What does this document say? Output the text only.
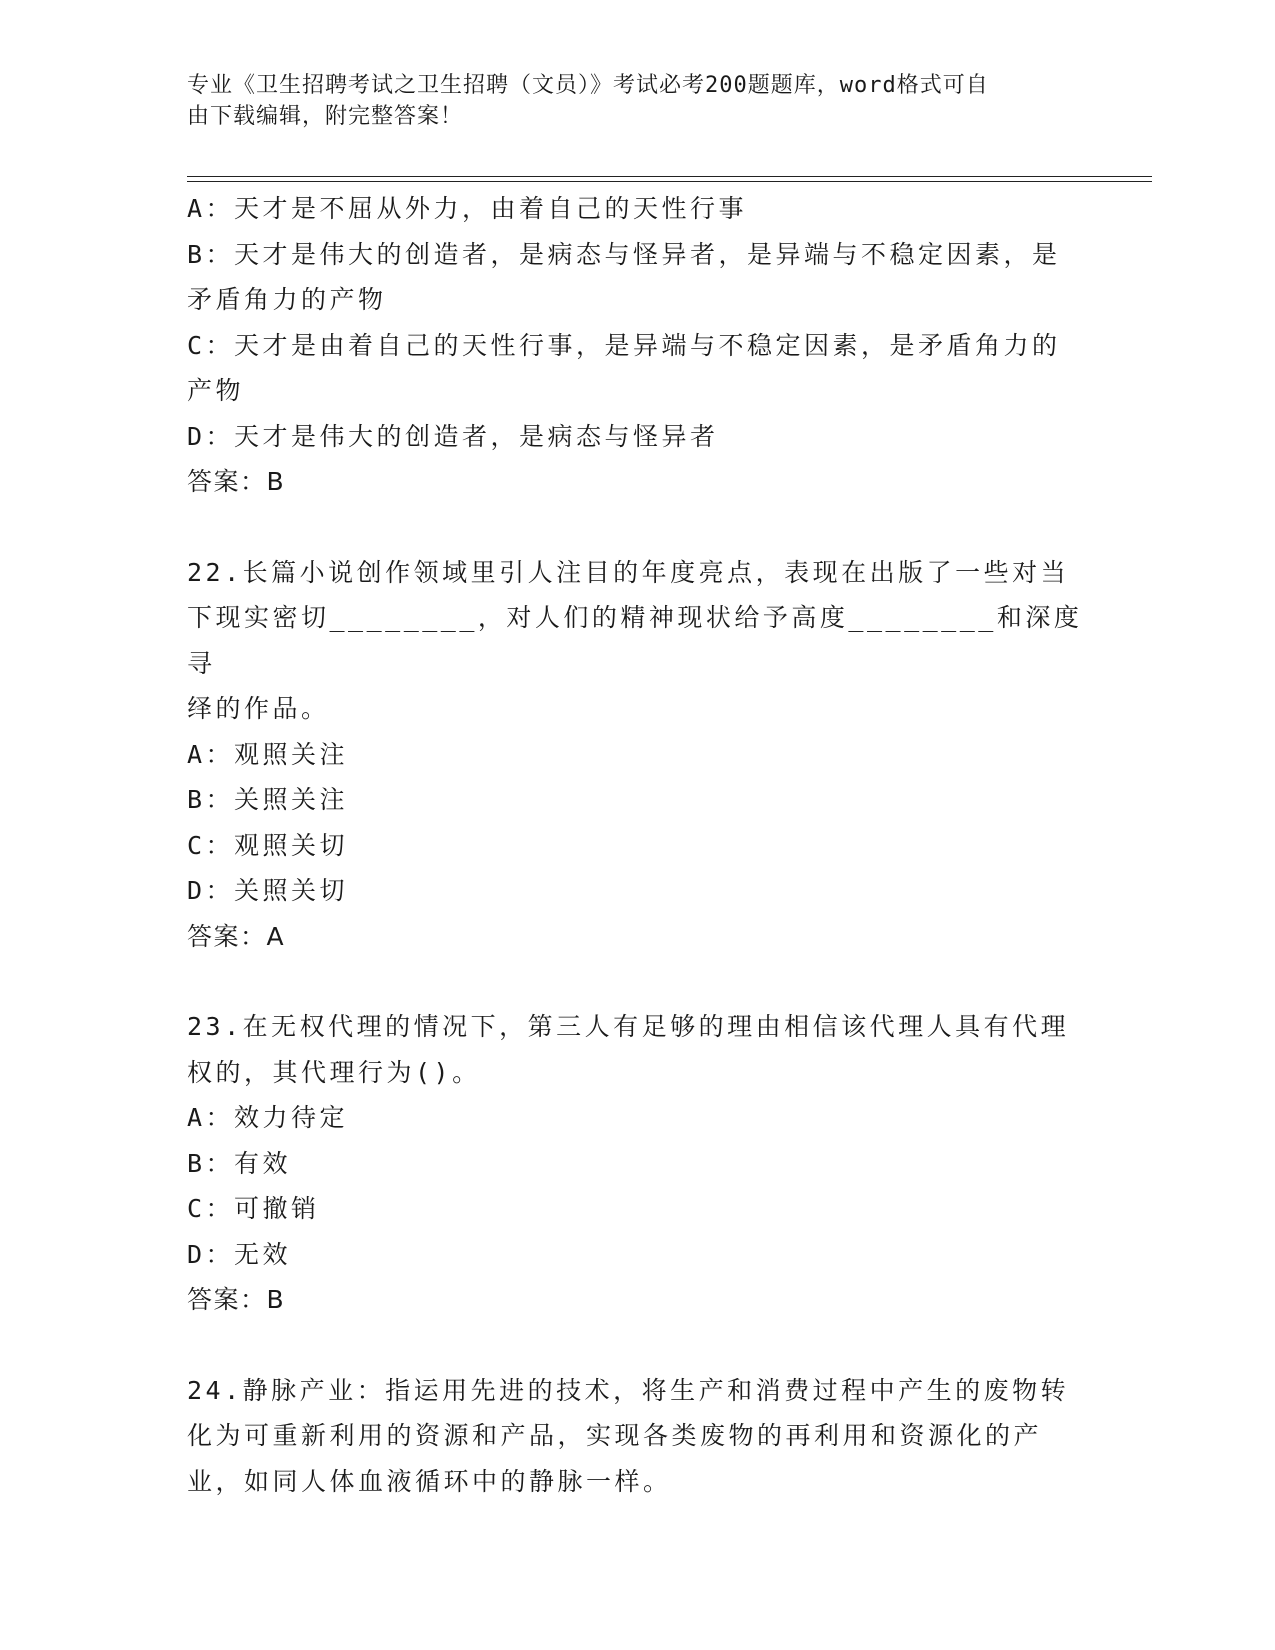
专业《卫生招聘考试之卫生招聘（文员）》考试必考200题题库，word格式可自
由下载编辑，附完整答案！

A：天才是不屈从外力，由着自己的天性行事

B：天才是伟大的创造者，是病态与怪异者，是异端与不稳定因素，是

矛盾角力的产物

C：天才是由着自己的天性行事，是异端与不稳定因素，是矛盾角力的

产物

D：天才是伟大的创造者，是病态与怪异者

答案：B

22.长篇小说创作领域里引人注目的年度亮点，表现在出版了一些对当

下现实密切________，对人们的精神现状给予高度________和深度寻

绎的作品。

A：观照关注

B：关照关注

C：观照关切

D：关照关切

答案：A

23.在无权代理的情况下，第三人有足够的理由相信该代理人具有代理

权的，其代理行为()。

A：效力待定

B：有效

C：可撤销

D：无效

答案：B

24.静脉产业：指运用先进的技术，将生产和消费过程中产生的废物转

化为可重新利用的资源和产品，实现各类废物的再利用和资源化的产

业，如同人体血液循环中的静脉一样。
